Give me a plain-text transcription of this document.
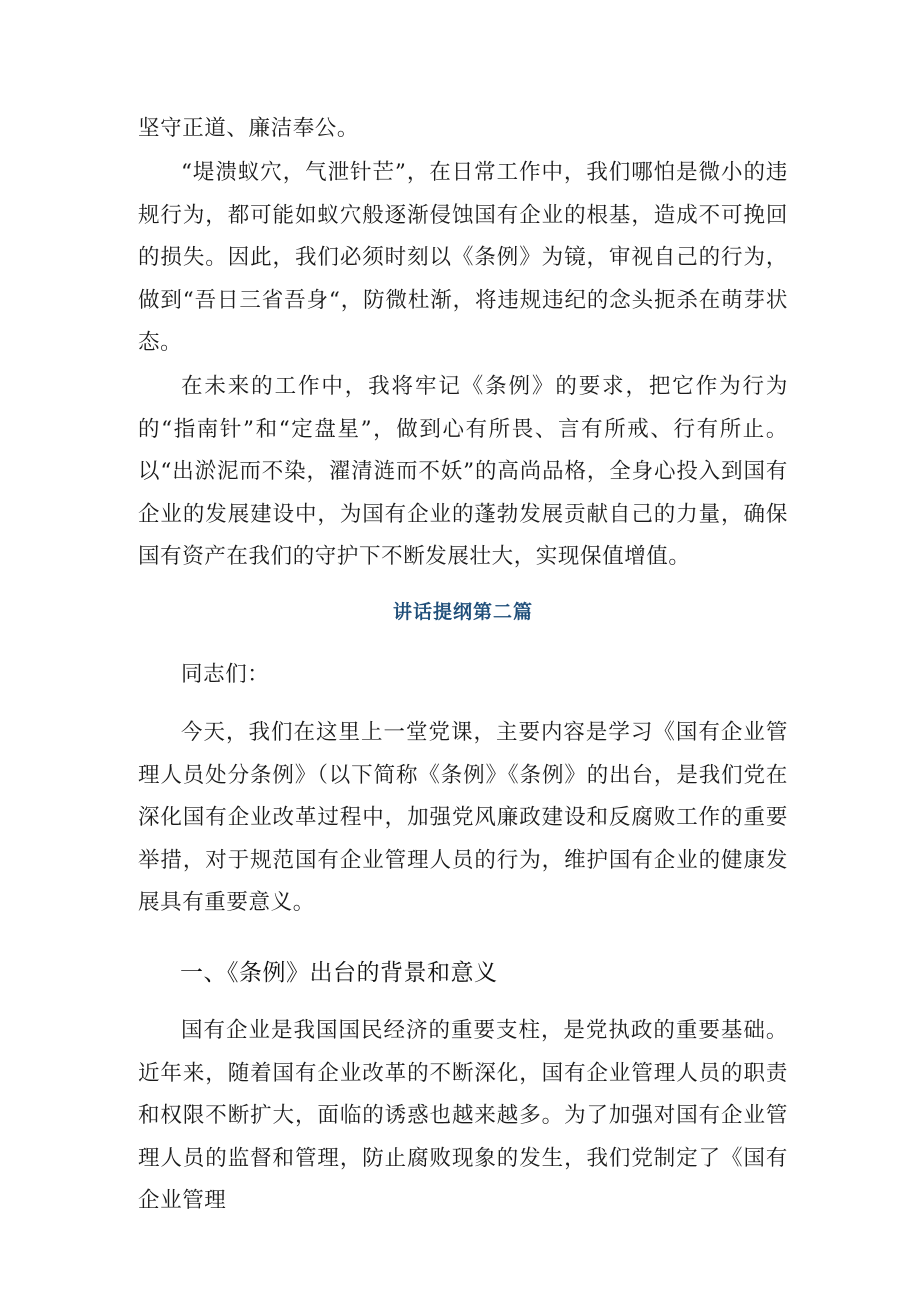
坚守正道、廉洁奉公。

“堤溃蚁穴，气泄针芒”，在日常工作中，我们哪怕是微小的违规行为，都可能如蚁穴般逐渐侵蚀国有企业的根基，造成不可挽回的损失。因此，我们必须时刻以《条例》为镜，审视自己的行为，做到“吾日三省吾身“，防微杜渐，将违规违纪的念头扼杀在萌芽状态。

在未来的工作中，我将牢记《条例》的要求，把它作为行为的“指南针”和“定盘星”，做到心有所畏、言有所戒、行有所止。以“出淤泥而不染，濯清涟而不妖”的高尚品格，全身心投入到国有企业的发展建设中，为国有企业的蓬勃发展贡献自己的力量，确保国有资产在我们的守护下不断发展壮大，实现保值增值。

讲话提纲第二篇

同志们：

今天，我们在这里上一堂党课，主要内容是学习《国有企业管理人员处分条例》（以下简称《条例》《条例》的出台，是我们党在深化国有企业改革过程中，加强党风廉政建设和反腐败工作的重要举措，对于规范国有企业管理人员的行为，维护国有企业的健康发展具有重要意义。

一、《条例》出台的背景和意义

国有企业是我国国民经济的重要支柱，是党执政的重要基础。近年来，随着国有企业改革的不断深化，国有企业管理人员的职责和权限不断扩大，面临的诱惑也越来越多。为了加强对国有企业管理人员的监督和管理，防止腐败现象的发生，我们党制定了《国有企业管理
